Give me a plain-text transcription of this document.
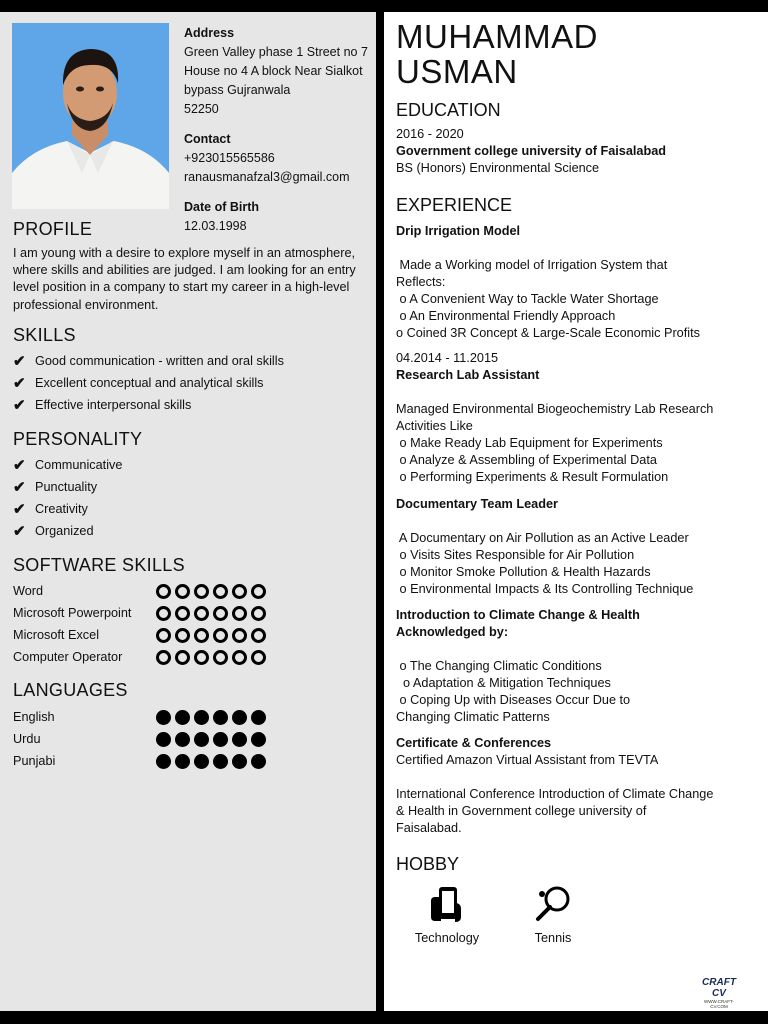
Address
Green Valley phase 1 Street no 7
House no 4 A block Near Sialkot
bypass Gujranwala
52250
Contact
+923015565586
ranausmanafzal3@gmail.com
Date of Birth
12.03.1998
PROFILE
I am young with a desire to explore myself in an atmosphere, where skills and abilities are judged. I am looking for an entry level position in a company to start my career in a high-level professional environment.
SKILLS
✔ Good communication - written and oral skills
✔ Excellent conceptual and analytical skills
✔ Effective interpersonal skills
PERSONALITY
✔ Communicative
✔ Punctuality
✔ Creativity
✔ Organized
SOFTWARE SKILLS
Word
Microsoft Powerpoint
Microsoft Excel
Computer Operator
LANGUAGES
English
Urdu
Punjabi
MUHAMMAD
USMAN
EDUCATION
2016 - 2020
Government college university of Faisalabad
BS (Honors) Environmental Science
EXPERIENCE
Drip Irrigation Model
Made a Working model of Irrigation System that
Reflects:
o A Convenient Way to Tackle Water Shortage
o An Environmental Friendly Approach
o Coined 3R Concept & Large-Scale Economic Profits
04.2014 - 11.2015
Research Lab Assistant
Managed Environmental Biogeochemistry Lab Research
Activities Like
o Make Ready Lab Equipment for Experiments
o Analyze & Assembling of Experimental Data
o Performing Experiments & Result Formulation
Documentary Team Leader
A Documentary on Air Pollution as an Active Leader
o Visits Sites Responsible for Air Pollution
o Monitor Smoke Pollution & Health Hazards
o Environmental Impacts & Its Controlling Technique
Introduction to Climate Change & Health
Acknowledged by:
o The Changing Climatic Conditions
o Adaptation & Mitigation Techniques
o Coping Up with Diseases Occur Due to
Changing Climatic Patterns
Certificate & Conferences
Certified Amazon Virtual Assistant from TEVTA
International Conference Introduction of Climate Change
& Health in Government college university of
Faisalabad.
HOBBY
Technology	Tennis
CRAFT CV
WWW.CRAFT-CV.COM
